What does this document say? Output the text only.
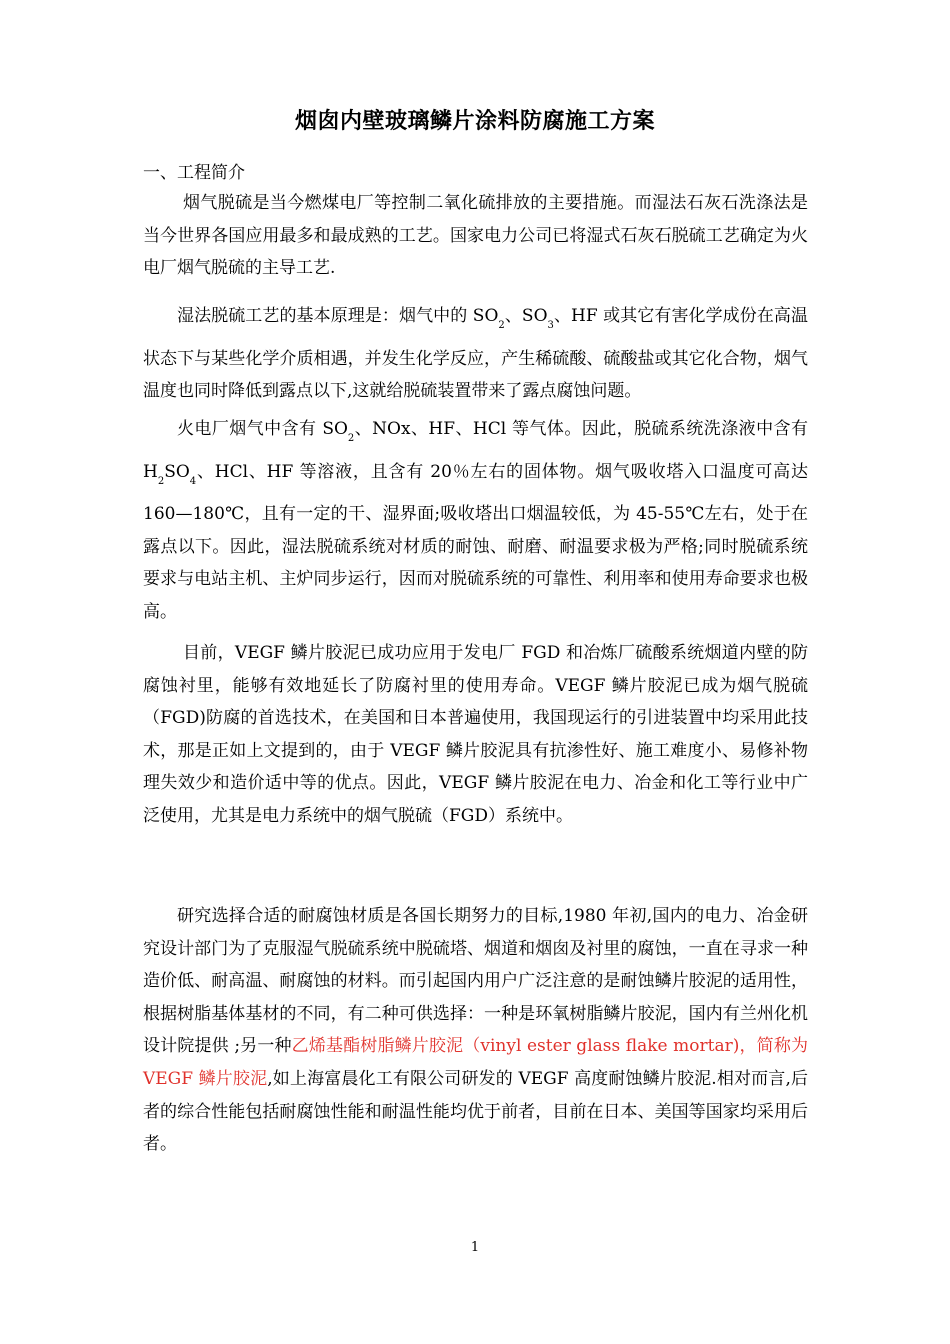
烟囱内壁玻璃鳞片涂料防腐施工方案
一、工程简介
烟气脱硫是当今燃煤电厂等控制二氧化硫排放的主要措施。而湿法石灰石洗涤法是当今世界各国应用最多和最成熟的工艺。国家电力公司已将湿式石灰石脱硫工艺确定为火电厂烟气脱硫的主导工艺.
湿法脱硫工艺的基本原理是：烟气中的 $SO_2$、$SO_3$、HF 或其它有害化学成份在高温状态下与某些化学介质相遇，并发生化学反应，产生稀硫酸、硫酸盐或其它化合物，烟气温度也同时降低到露点以下,这就给脱硫装置带来了露点腐蚀问题。
火电厂烟气中含有 $SO_2$、NOx、HF、HCl 等气体。因此，脱硫系统洗涤液中含有 $H_2SO_4$、HCl、HF 等溶液，且含有 20％左右的固体物。烟气吸收塔入口温度可高达 160—180℃，且有一定的干、湿界面;吸收塔出口烟温较低，为 45-55℃左右，处于在露点以下。因此，湿法脱硫系统对材质的耐蚀、耐磨、耐温要求极为严格;同时脱硫系统要求与电站主机、主炉同步运行，因而对脱硫系统的可靠性、利用率和使用寿命要求也极高。
目前，VEGF 鳞片胶泥已成功应用于发电厂 FGD 和冶炼厂硫酸系统烟道内壁的防腐蚀衬里，能够有效地延长了防腐衬里的使用寿命。VEGF 鳞片胶泥已成为烟气脱硫（FGD)防腐的首选技术，在美国和日本普遍使用，我国现运行的引进装置中均采用此技术，那是正如上文提到的，由于 VEGF 鳞片胶泥具有抗渗性好、施工难度小、易修补物理失效少和造价适中等的优点。因此，VEGF 鳞片胶泥在电力、冶金和化工等行业中广泛使用，尤其是电力系统中的烟气脱硫（FGD）系统中。
研究选择合适的耐腐蚀材质是各国长期努力的目标,1980 年初,国内的电力、冶金研究设计部门为了克服湿气脱硫系统中脱硫塔、烟道和烟囱及衬里的腐蚀，一直在寻求一种造价低、耐高温、耐腐蚀的材料。而引起国内用户广泛注意的是耐蚀鳞片胶泥的适用性，根据树脂基体基材的不同，有二种可供选择：一种是环氧树脂鳞片胶泥，国内有兰州化机设计院提供 ;另一种乙烯基酯树脂鳞片胶泥（vinyl ester glass flake mortar)，简称为 VEGF 鳞片胶泥,如上海富晨化工有限公司研发的 VEGF 高度耐蚀鳞片胶泥.相对而言,后者的综合性能包括耐腐蚀性能和耐温性能均优于前者，目前在日本、美国等国家均采用后者。
1
